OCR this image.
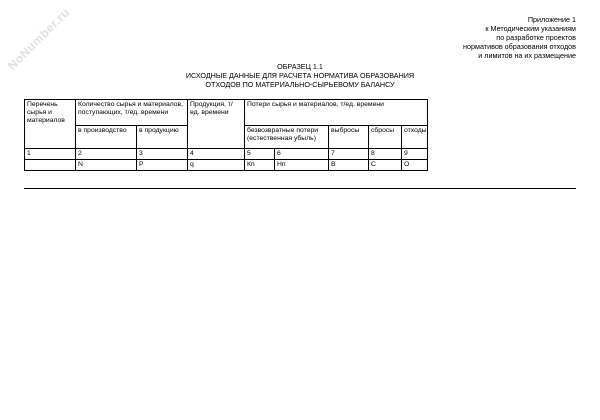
NoNumber.ru	Приложение 1
к Методическим указаниям
по разработке проектов
нормативов образования отходов
и лимитов на их размещение
ОБРАЗЕЦ 1.1
ИСХОДНЫЕ ДАННЫЕ ДЛЯ РАСЧЕТА НОРМАТИВА ОБРАЗОВАНИЯ
ОТХОДОВ ПО МАТЕРИАЛЬНО-СЫРЬЕВОМУ БАЛАНСУ
Перечень сырья и материалов	Количество сырья и материалов, поступающих, т/ед. времени		Продукция, т/ед. времени	Потери сырья и материалов, т/ед. времени				
	в производство	в продукцию		безвозвратные потери (естественная убыль)		выбросы	сбросы	отходы
1	2	3	4	5	6	7	8	9
	N	P	q	Кп	Нп	В	С	О
